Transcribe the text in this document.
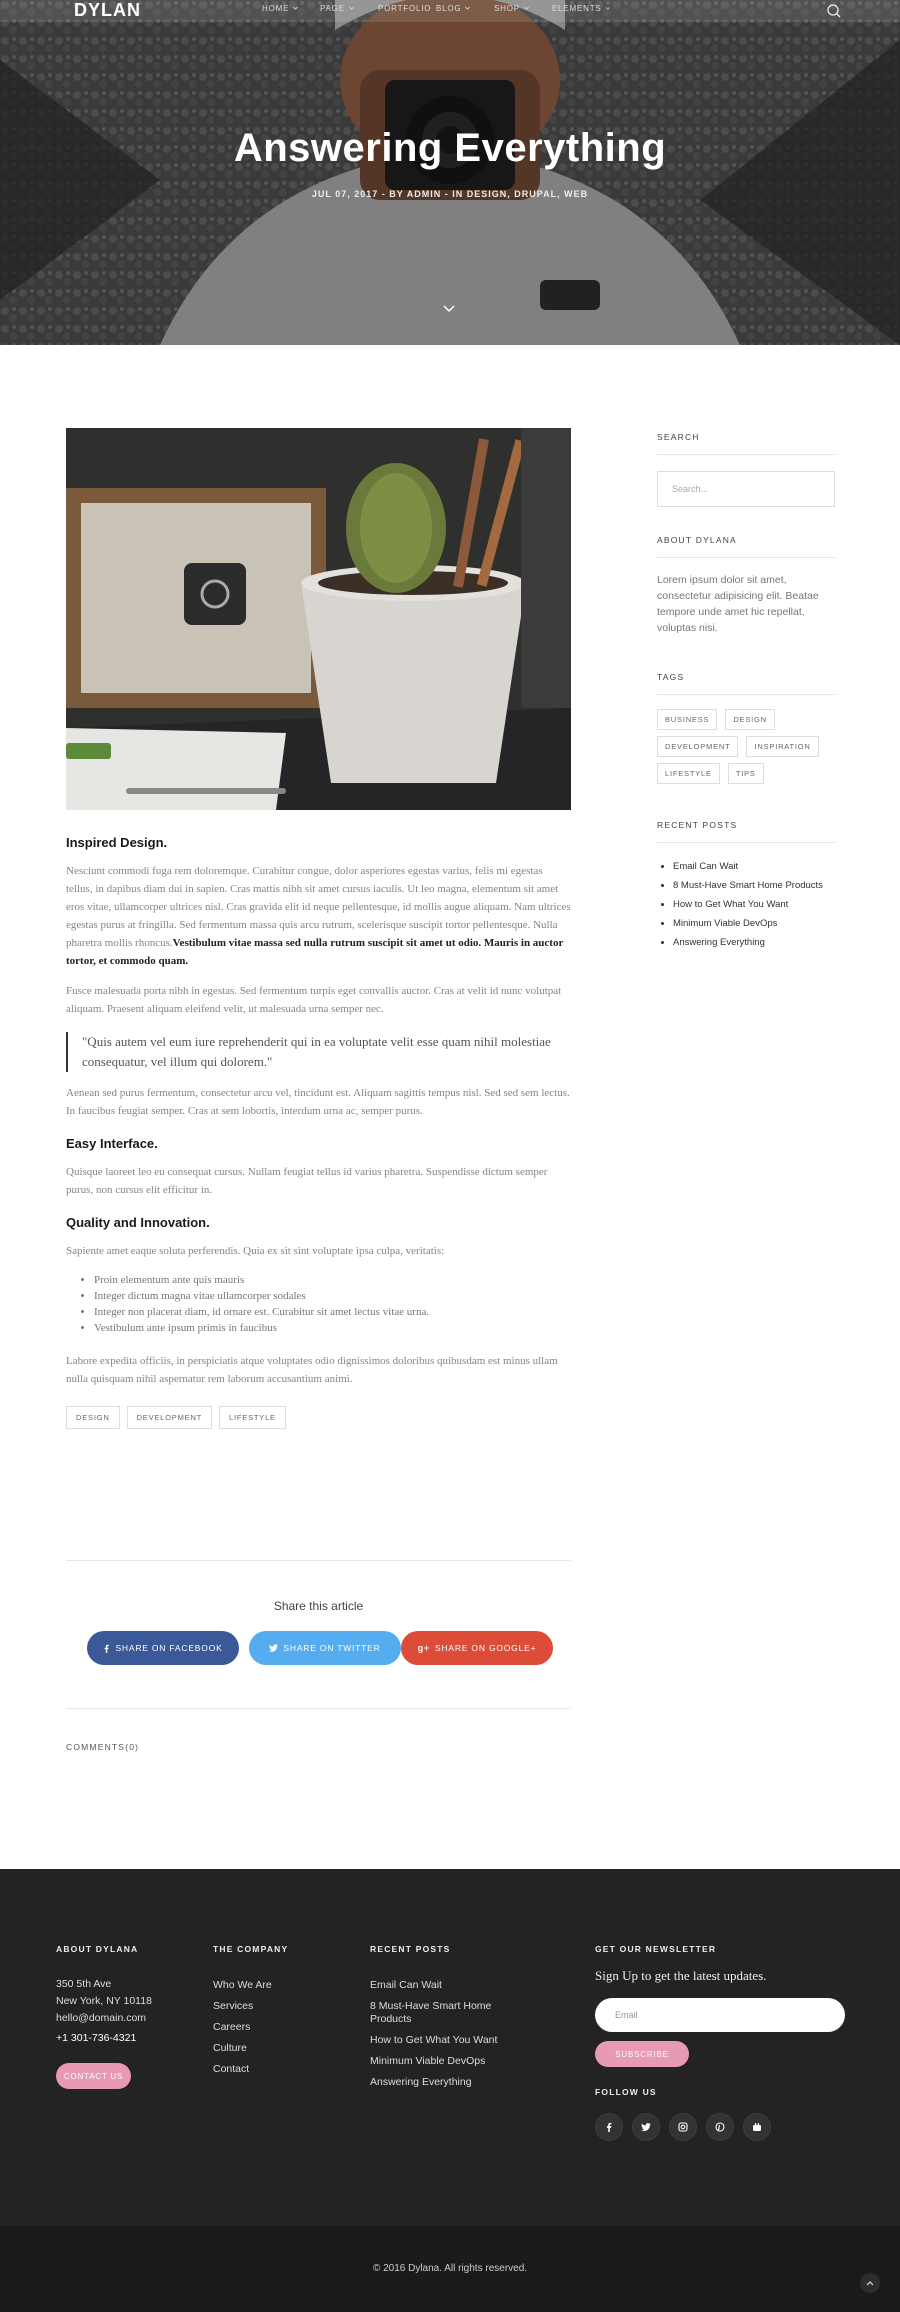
DYLAN	HOME	PAGE	PORTFOLIO BLOG	SHOP	ELEMENTS
Answering Everything
JUL 07, 2017 - BY ADMIN - IN DESIGN, DRUPAL, WEB
Inspired Design.

Nesciunt commodi fuga rem doloremque. Curabitur congue, dolor asperiores egestas varius, felis mi egestas tellus, in dapibus diam dui in sapien. Cras mattis nibh sit amet cursus iaculis. Ut leo magna, elementum sit amet eros vitae, ullamcorper ultrices nisl. Cras gravida elit id neque pellentesque, id mollis augue aliquam. Nam ultrices egestas purus at fringilla. Sed fermentum massa quis arcu rutrum, scelerisque suscipit tortor pellentesque. Nulla pharetra mollis rhoncus.Vestibulum vitae massa sed nulla rutrum suscipit sit amet ut odio. Mauris in auctor tortor, et commodo quam.

Fusce malesuada porta nibh in egestas. Sed fermentum turpis eget convallis auctor. Cras at velit id nunc volutpat aliquam. Praesent aliquam eleifend velit, ut malesuada urna semper nec.

"Quis autem vel eum iure reprehenderit qui in ea voluptate velit esse quam nihil molestiae consequatur, vel illum qui dolorem."

Aenean sed purus fermentum, consectetur arcu vel, tincidunt est. Aliquam sagittis tempus nisl. Sed sed sem lectus. In faucibus feugiat semper. Cras at sem lobortis, interdum urna ac, semper purus.

Easy Interface.

Quisque laoreet leo eu consequat cursus. Nullam feugiat tellus id varius pharetra. Suspendisse dictum semper purus, non cursus elit efficitur in.

Quality and Innovation.

Sapiente amet eaque soluta perferendis. Quia ex sit sint voluptate ipsa culpa, veritatis:

• Proin elementum ante quis mauris
• Integer dictum magna vitae ullamcorper sodales
• Integer non placerat diam, id ornare est. Curabitur sit amet lectus vitae urna.
• Vestibulum ante ipsum primis in faucibus

Labore expedita officiis, in perspiciatis atque voluptates odio dignissimos doloribus quibusdam est minus ullam nulla quisquam nihil aspernatur rem laborum accusantium animi.

DESIGN	DEVELOPMENT	LIFESTYLE
Share this article
SHARE ON FACEBOOK	SHARE ON TWITTER	g+ SHARE ON GOOGLE+
COMMENTS(0)
SEARCH
Search...
ABOUT DYLANA
Lorem ipsum dolor sit amet, consectetur adipisicing elit. Beatae tempore unde amet hic repellat, voluptas nisi.
TAGS
BUSINESS	DESIGN
DEVELOPMENT	INSPIRATION
LIFESTYLE	TIPS
RECENT POSTS
• Email Can Wait
• 8 Must-Have Smart Home Products
• How to Get What You Want
• Minimum Viable DevOps
• Answering Everything
ABOUT DYLANA
350 5th Ave
New York, NY 10118
hello@domain.com
+1 301-736-4321
CONTACT US
THE COMPANY
Who We Are
Services
Careers
Culture
Contact
RECENT POSTS
Email Can Wait
8 Must-Have Smart Home Products
How to Get What You Want
Minimum Viable DevOps
Answering Everything
GET OUR NEWSLETTER
Sign Up to get the latest updates.
Email
SUBSCRIBE
FOLLOW US
© 2016 Dylana. All rights reserved.
